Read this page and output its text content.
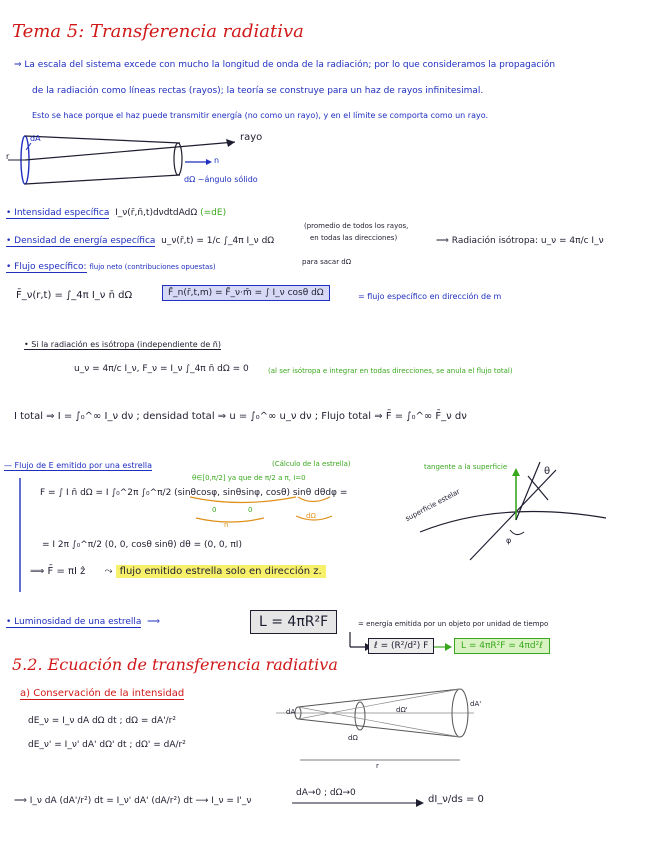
Tema 5: Transferencia radiativa
⇒ La escala del sistema excede con mucho la longitud de onda de la radiación; por lo que consideramos la propagación
de la radiación como líneas rectas (rayos); la teoría se construye para un haz de rayos infinitesimal.
Esto se hace porque el haz puede transmitir energía (no como un rayo), y en el límite se comporta como un rayo.
r
dA	rayo
n
dΩ ~ángulo sólido
• Intensidad específica I_ν(r̄,n̄,t)dνdtdAdΩ (=dE)
• Densidad de energía específica u_ν(r̄,t) = 1/c ∫_4π I_ν dΩ
(promedio de todos los rayos,
en todas las direcciones)
para sacar dΩ
⟹ Radiación isótropa: u_ν = 4π/c I_ν
• Flujo específico: flujo neto (contribuciones opuestas)
F̄_ν(r,t) = ∫_4π I_ν n̄ dΩ	F̄_n(r̄,t,m) = F̄_ν·m̄ = ∫ I_ν cosθ dΩ	= flujo específico en dirección de m
• Si la radiación es isótropa (independiente de n̄)
u_ν = 4π/c I_ν, F_ν = I_ν ∫_4π n̄ dΩ = 0	(al ser isótropa e integrar en todas direcciones, se anula el flujo total)
I total ⇒ I = ∫₀^∞ I_ν dν ; densidad total ⇒ u = ∫₀^∞ u_ν dν ; Flujo total ⇒ F̄ = ∫₀^∞ F̄_ν dν
— Flujo de E emitido por una estrella
θ∈[0,π/2] ya que de π/2 a π, I=0
(Cálculo de la estrella)	tangente a la superficie	θ
superficie estelar
φ
F = ∫ I n̄ dΩ = I ∫₀^2π ∫₀^π/2 (sinθcosφ, sinθsinφ, cosθ) sinθ dθdφ =
0	0
n̄
dΩ
= I 2π ∫₀^π/2 (0, 0, cosθ sinθ) dθ = (0, 0, πI)
⟹ F̄ = πI ẑ ⤳ flujo emitido estrella solo en dirección z.
• Luminosidad de una estrella ⟹	L = 4πR²F	= energía emitida por un objeto por unidad de tiempo
ℓ = (R²/d²) F	L = 4πR²F = 4πd²ℓ
5.2. Ecuación de transferencia radiativa
a) Conservación de la intensidad
dE_ν = I_ν dA dΩ dt ; dΩ = dA'/r²
dE_ν' = I_ν' dA' dΩ' dt ; dΩ' = dA/r²
dA
dA'
dΩ
dΩ'
r
⟹ I_ν dA (dA'/r²) dt = I_ν' dA' (dA/r²) dt ⟶ I_ν = I'_ν
dA→0 ; dΩ→0
dI_ν/ds = 0
